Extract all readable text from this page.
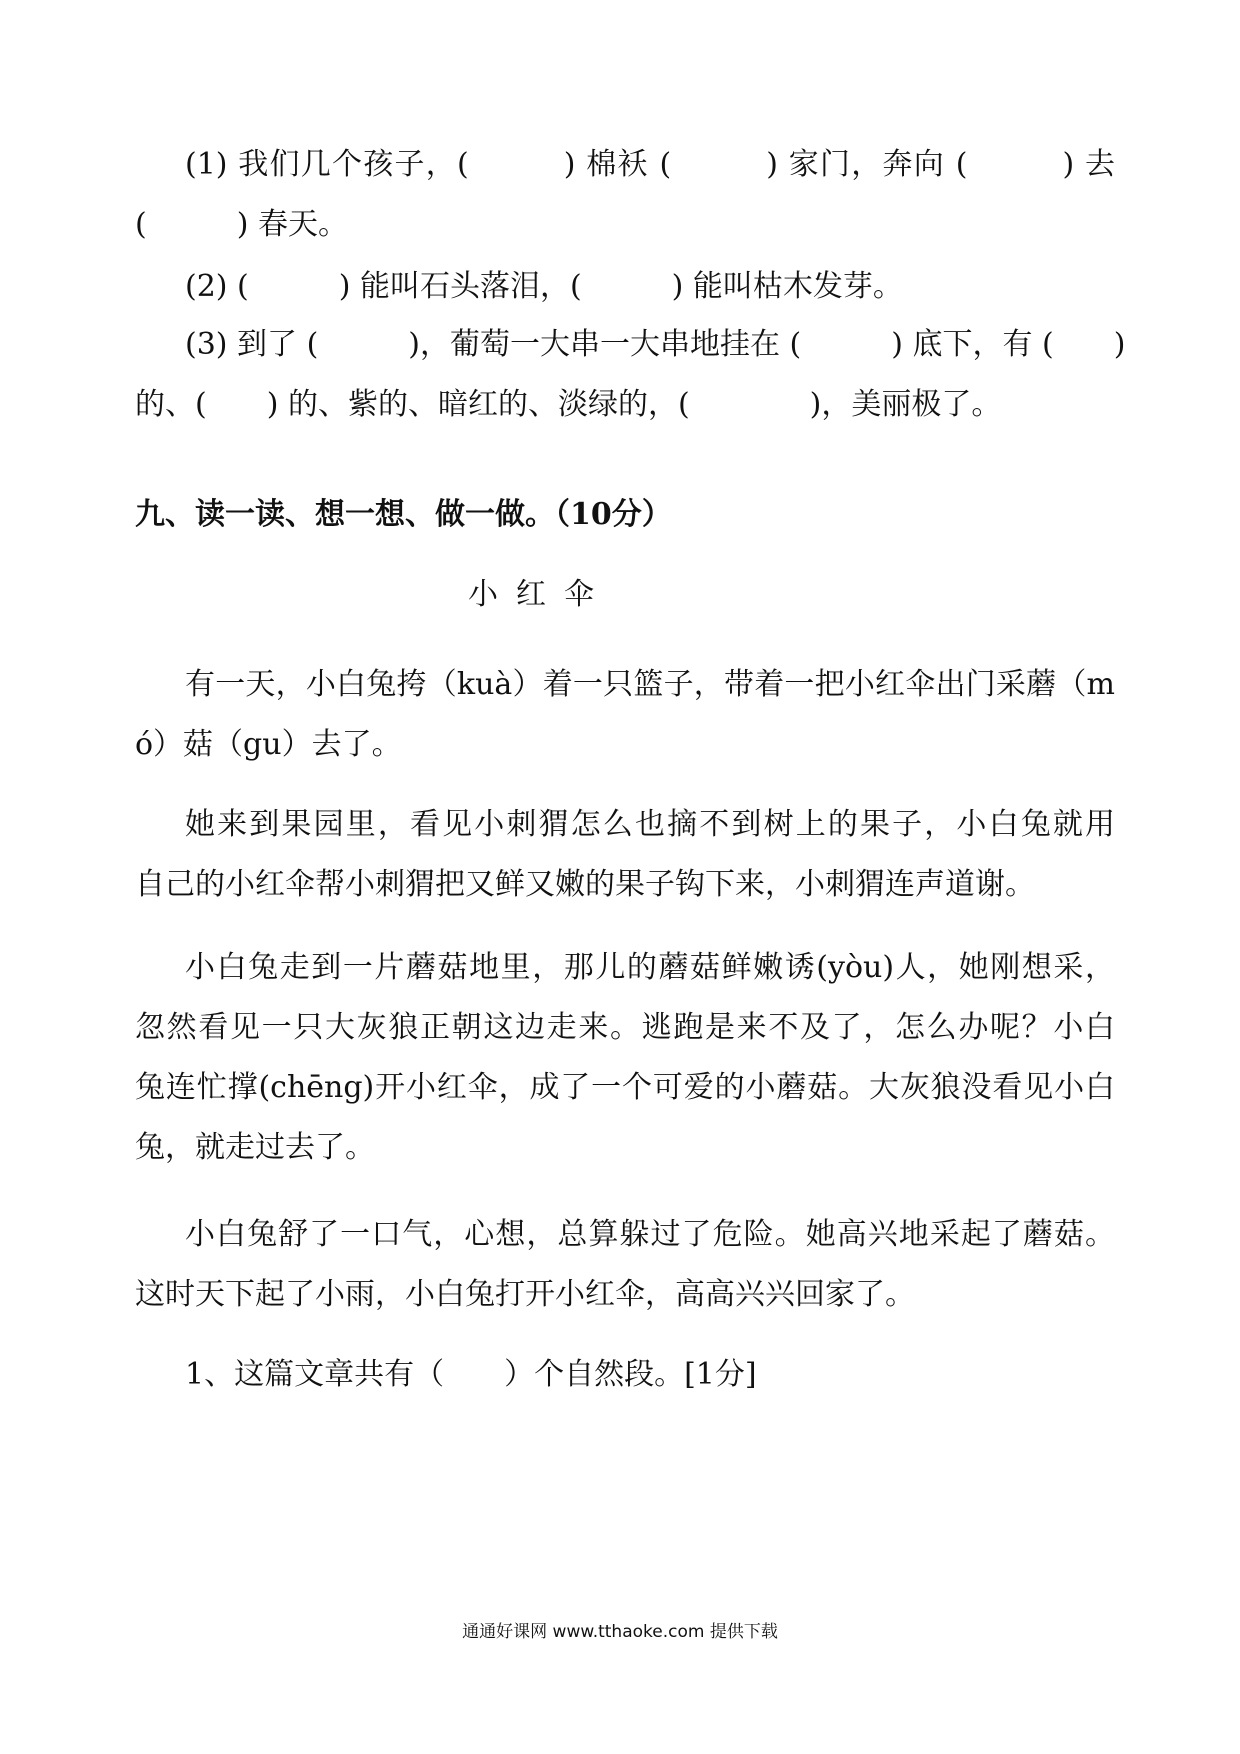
(1) 我们几个孩子，(　　　) 棉袄 (　　　) 家门，奔向 (　　　) 去
(　　　) 春天。
(2) (　　　) 能叫石头落泪，(　　　) 能叫枯木发芽。
(3) 到了 (　　　)，葡萄一大串一大串地挂在 (　　　) 底下，有 (　　)
的、(　　) 的、紫的、暗红的、淡绿的，(　　　　)，美丽极了。
九、读一读、想一想、做一做。（10分）
小红伞
有一天，小白兔挎（kuà）着一只篮子，带着一把小红伞出门采蘑（m
ó）菇（gu）去了。
她来到果园里，看见小刺猬怎么也摘不到树上的果子，小白兔就用
自己的小红伞帮小刺猬把又鲜又嫩的果子钩下来，小刺猬连声道谢。
小白兔走到一片蘑菇地里，那儿的蘑菇鲜嫩诱(yòu)人，她刚想采，
忽然看见一只大灰狼正朝这边走来。逃跑是来不及了，怎么办呢？小白
兔连忙撑(chēng)开小红伞，成了一个可爱的小蘑菇。大灰狼没看见小白
兔，就走过去了。
小白兔舒了一口气，心想，总算躲过了危险。她高兴地采起了蘑菇。
这时天下起了小雨，小白兔打开小红伞，高高兴兴回家了。
1、这篇文章共有（　　）个自然段。[1分]
通通好课网 www.tthaoke.com 提供下载
